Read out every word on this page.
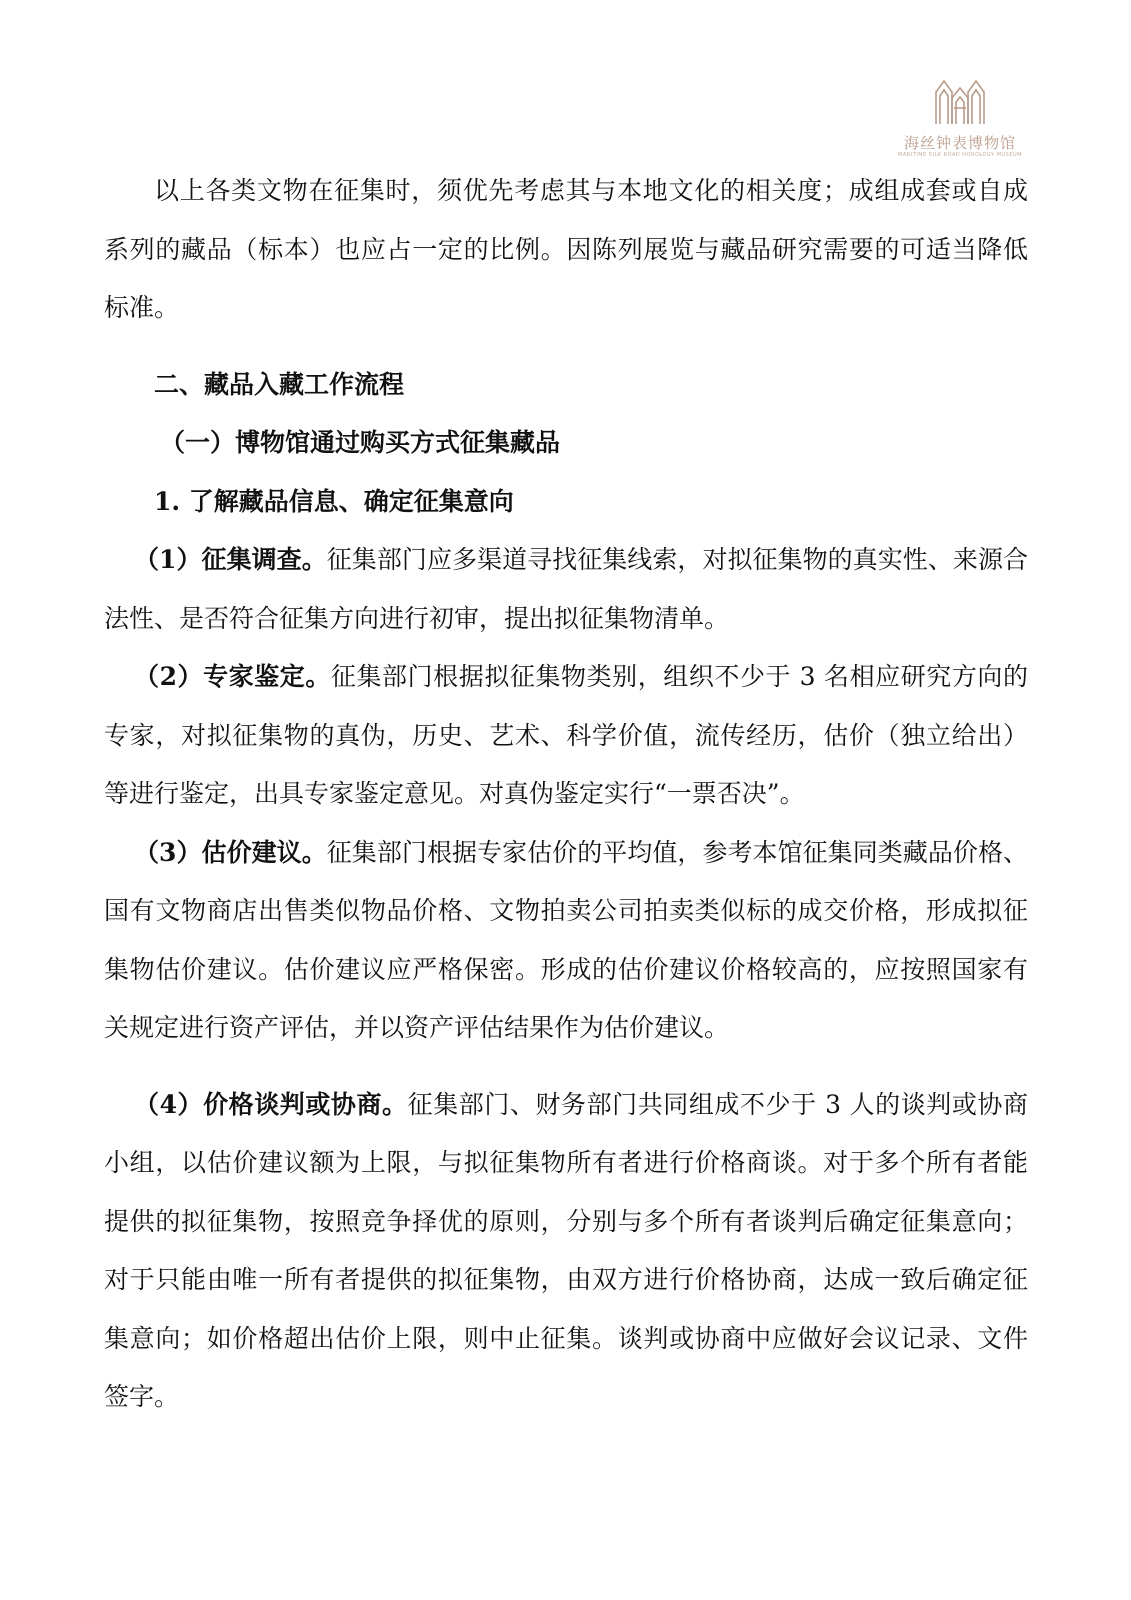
海丝钟表博物馆
MARITIME SILK ROAD HOROLOGY MUSEUM

以上各类文物在征集时，须优先考虑其与本地文化的相关度；成组成套或自成系列的藏品（标本）也应占一定的比例。因陈列展览与藏品研究需要的可适当降低标准。

二、藏品入藏工作流程

（一）博物馆通过购买方式征集藏品

1. 了解藏品信息、确定征集意向

（1）征集调查。征集部门应多渠道寻找征集线索，对拟征集物的真实性、来源合法性、是否符合征集方向进行初审，提出拟征集物清单。

（2）专家鉴定。征集部门根据拟征集物类别，组织不少于 3 名相应研究方向的专家，对拟征集物的真伪，历史、艺术、科学价值，流传经历，估价（独立给出）等进行鉴定，出具专家鉴定意见。对真伪鉴定实行“一票否决”。

（3）估价建议。征集部门根据专家估价的平均值，参考本馆征集同类藏品价格、国有文物商店出售类似物品价格、文物拍卖公司拍卖类似标的成交价格，形成拟征集物估价建议。估价建议应严格保密。形成的估价建议价格较高的，应按照国家有关规定进行资产评估，并以资产评估结果作为估价建议。

（4）价格谈判或协商。征集部门、财务部门共同组成不少于 3 人的谈判或协商小组，以估价建议额为上限，与拟征集物所有者进行价格商谈。对于多个所有者能提供的拟征集物，按照竞争择优的原则，分别与多个所有者谈判后确定征集意向；对于只能由唯一所有者提供的拟征集物，由双方进行价格协商，达成一致后确定征集意向；如价格超出估价上限，则中止征集。谈判或协商中应做好会议记录、文件签字。
